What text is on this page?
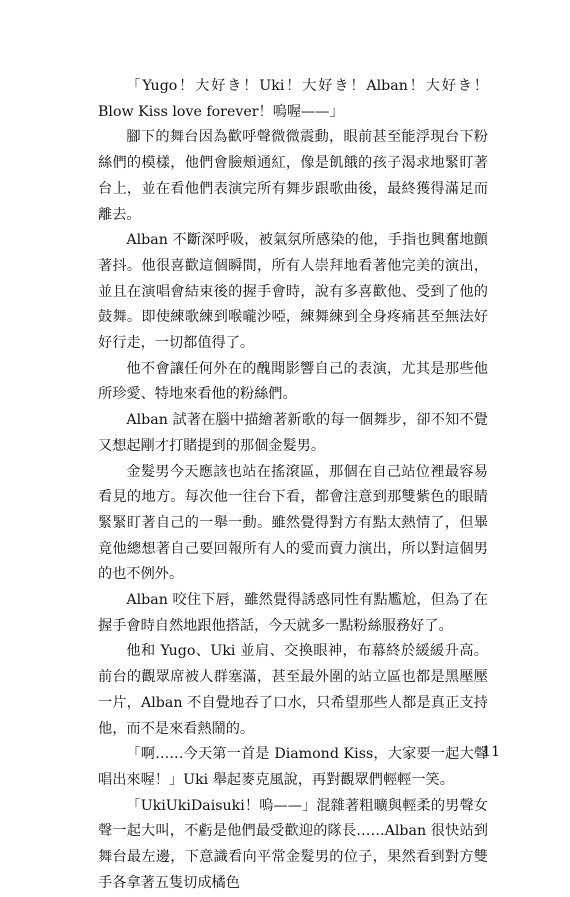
「Yugo！大好き！Uki！大好き！Alban！大好き！Blow Kiss love forever！嗚喔——」

腳下的舞台因為歡呼聲微微震動，眼前甚至能浮現台下粉絲們的模樣，他們會臉頰通紅，像是飢餓的孩子渴求地緊盯著台上，並在看他們表演完所有舞步跟歌曲後，最終獲得滿足而離去。

Alban 不斷深呼吸，被氣氛所感染的他，手指也興奮地顫著抖。他很喜歡這個瞬間，所有人崇拜地看著他完美的演出，並且在演唱會結束後的握手會時，說有多喜歡他、受到了他的鼓舞。即使練歌練到喉嚨沙啞，練舞練到全身疼痛甚至無法好好行走，一切都值得了。

他不會讓任何外在的醜聞影響自己的表演，尤其是那些他所珍愛、特地來看他的粉絲們。

Alban 試著在腦中描繪著新歌的每一個舞步，卻不知不覺又想起剛才打賭提到的那個金髮男。

金髮男今天應該也站在搖滾區，那個在自己站位裡最容易看見的地方。每次他一往台下看，都會注意到那雙紫色的眼睛緊緊盯著自己的一舉一動。雖然覺得對方有點太熱情了，但畢竟他總想著自己要回報所有人的愛而賣力演出，所以對這個男的也不例外。

Alban 咬住下唇，雖然覺得誘惑同性有點尷尬，但為了在握手會時自然地跟他搭話，今天就多一點粉絲服務好了。

他和 Yugo、Uki 並肩、交換眼神，布幕終於緩緩升高。前台的觀眾席被人群塞滿，甚至最外圍的站立區也都是黑壓壓一片，Alban 不自覺地吞了口水，只希望那些人都是真正支持他，而不是來看熱鬧的。

「啊……今天第一首是 Diamond Kiss，大家要一起大聲唱出來喔！」Uki 舉起麥克風說，再對觀眾們輕輕一笑。

「UkiUkiDaisuki！嗚——」混雜著粗曠與輕柔的男聲女聲一起大叫，不虧是他們最受歡迎的隊長……Alban 很快站到舞台最左邊，下意識看向平常金髮男的位子，果然看到對方雙手各拿著五隻切成橘色

11
